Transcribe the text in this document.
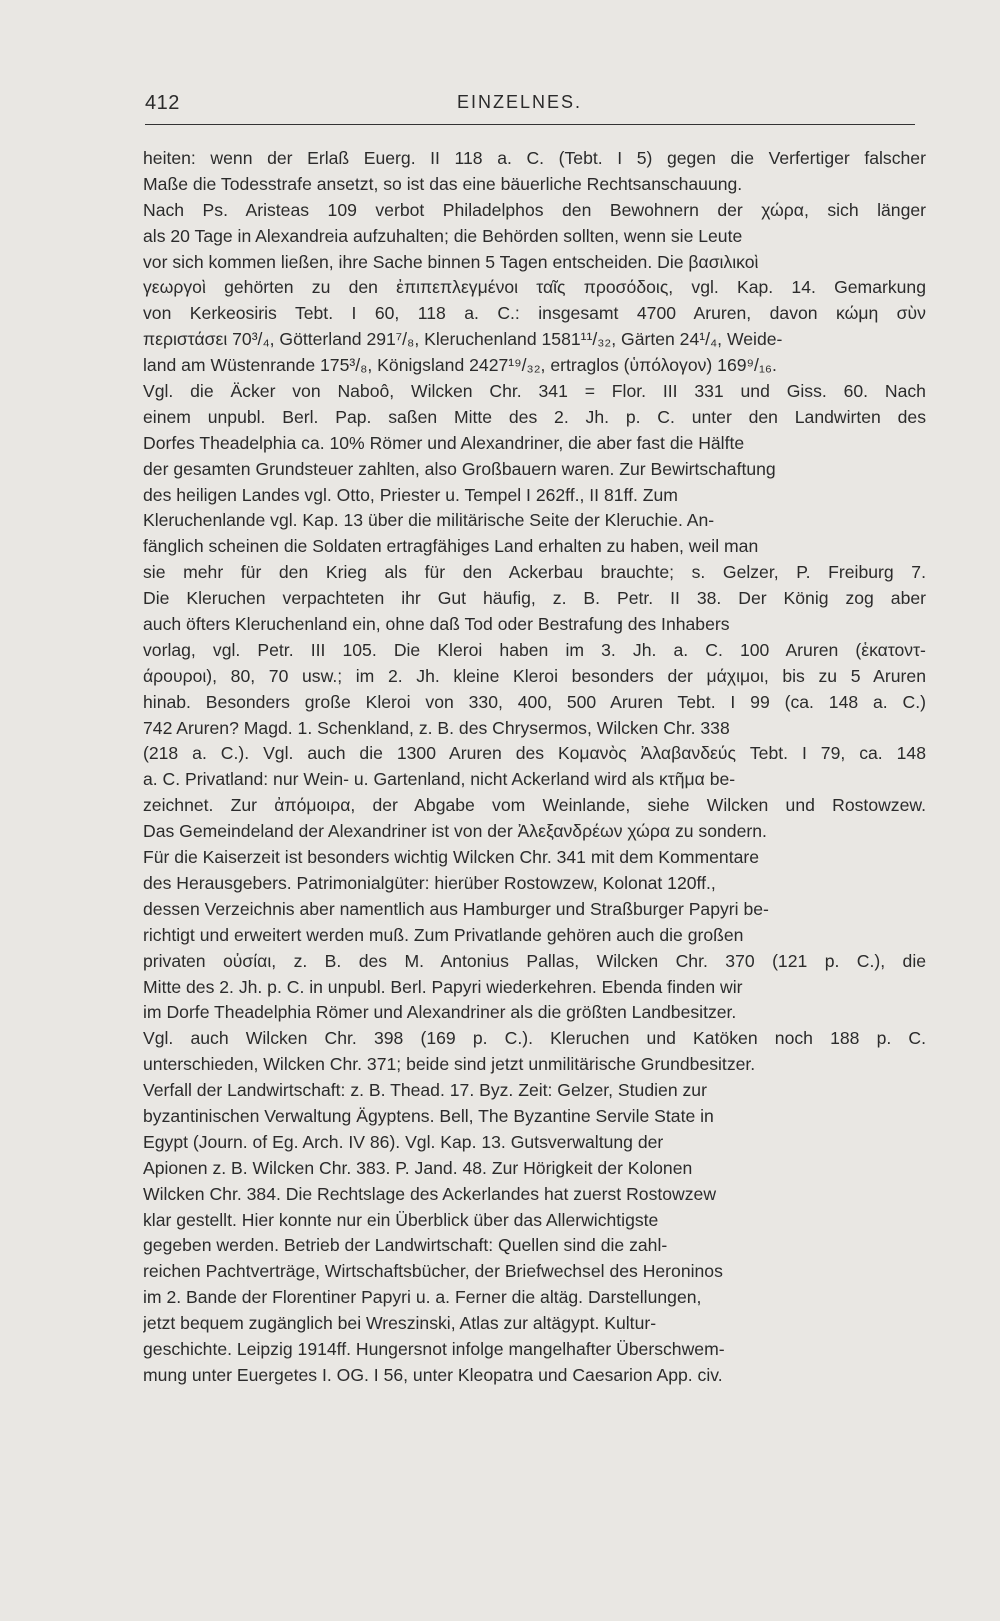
412	EINZELNES.
heiten: wenn der Erlaß Euerg. II 118 a. C. (Tebt. I 5) gegen die Verfertiger falscher
Maße die Todesstrafe ansetzt, so ist das eine bäuerliche Rechtsanschauung.
Nach Ps. Aristeas 109 verbot Philadelphos den Bewohnern der χώρα, sich länger
als 20 Tage in Alexandreia aufzuhalten; die Behörden sollten, wenn sie Leute
vor sich kommen ließen, ihre Sache binnen 5 Tagen entscheiden. Die βασιλικοὶ
γεωργοὶ gehörten zu den ἐπιπεπλεγμένοι ταῖς προσόδοις, vgl. Kap. 14. Gemarkung
von Kerkeosiris Tebt. I 60, 118 a. C.: insgesamt 4700 Aruren, davon κώμη σὺν
περιστάσει 70³/₄, Götterland 291⁷/₈, Kleruchenland 1581¹¹/₃₂, Gärten 24¹/₄, Weide-
land am Wüstenrande 175³/₈, Königsland 2427¹⁹/₃₂, ertraglos (ὑπόλογον) 169⁹/₁₆.
Vgl. die Äcker von Naboô, Wilcken Chr. 341 = Flor. III 331 und Giss. 60. Nach
einem unpubl. Berl. Pap. saßen Mitte des 2. Jh. p. C. unter den Landwirten des
Dorfes Theadelphia ca. 10% Römer und Alexandriner, die aber fast die Hälfte
der gesamten Grundsteuer zahlten, also Großbauern waren. Zur Bewirtschaftung
des heiligen Landes vgl. Otto, Priester u. Tempel I 262ff., II 81ff. Zum
Kleruchenlande vgl. Kap. 13 über die militärische Seite der Kleruchie. An-
fänglich scheinen die Soldaten ertragfähiges Land erhalten zu haben, weil man
sie mehr für den Krieg als für den Ackerbau brauchte; s. Gelzer, P. Freiburg 7.
Die Kleruchen verpachteten ihr Gut häufig, z. B. Petr. II 38. Der König zog aber
auch öfters Kleruchenland ein, ohne daß Tod oder Bestrafung des Inhabers
vorlag, vgl. Petr. III 105. Die Kleroi haben im 3. Jh. a. C. 100 Aruren (ἑκατοντ-
άρουροι), 80, 70 usw.; im 2. Jh. kleine Kleroi besonders der μάχιμοι, bis zu 5 Aruren
hinab. Besonders große Kleroi von 330, 400, 500 Aruren Tebt. I 99 (ca. 148 a. C.)
742 Aruren? Magd. 1. Schenkland, z. B. des Chrysermos, Wilcken Chr. 338
(218 a. C.). Vgl. auch die 1300 Aruren des Κομανὸς Ἀλαβανδεύς Tebt. I 79, ca. 148
a. C. Privatland: nur Wein- u. Gartenland, nicht Ackerland wird als κτῆμα be-
zeichnet. Zur ἀπόμοιρα, der Abgabe vom Weinlande, siehe Wilcken und Rostowzew.
Das Gemeindeland der Alexandriner ist von der Ἀλεξανδρέων χώρα zu sondern.
Für die Kaiserzeit ist besonders wichtig Wilcken Chr. 341 mit dem Kommentare
des Herausgebers. Patrimonialgüter: hierüber Rostowzew, Kolonat 120ff.,
dessen Verzeichnis aber namentlich aus Hamburger und Straßburger Papyri be-
richtigt und erweitert werden muß. Zum Privatlande gehören auch die großen
privaten οὐσίαι, z. B. des M. Antonius Pallas, Wilcken Chr. 370 (121 p. C.), die
Mitte des 2. Jh. p. C. in unpubl. Berl. Papyri wiederkehren. Ebenda finden wir
im Dorfe Theadelphia Römer und Alexandriner als die größten Landbesitzer.
Vgl. auch Wilcken Chr. 398 (169 p. C.). Kleruchen und Katöken noch 188 p. C.
unterschieden, Wilcken Chr. 371; beide sind jetzt unmilitärische Grundbesitzer.
Verfall der Landwirtschaft: z. B. Thead. 17. Byz. Zeit: Gelzer, Studien zur
byzantinischen Verwaltung Ägyptens. Bell, The Byzantine Servile State in
Egypt (Journ. of Eg. Arch. IV 86). Vgl. Kap. 13. Gutsverwaltung der
Apionen z. B. Wilcken Chr. 383. P. Jand. 48. Zur Hörigkeit der Kolonen
Wilcken Chr. 384. Die Rechtslage des Ackerlandes hat zuerst Rostowzew
klar gestellt. Hier konnte nur ein Überblick über das Allerwichtigste
gegeben werden. Betrieb der Landwirtschaft: Quellen sind die zahl-
reichen Pachtverträge, Wirtschaftsbücher, der Briefwechsel des Heroninos
im 2. Bande der Florentiner Papyri u. a. Ferner die altäg. Darstellungen,
jetzt bequem zugänglich bei Wreszinski, Atlas zur altägypt. Kultur-
geschichte. Leipzig 1914ff. Hungersnot infolge mangelhafter Überschwem-
mung unter Euergetes I. OG. I 56, unter Kleopatra und Caesarion App. civ.
